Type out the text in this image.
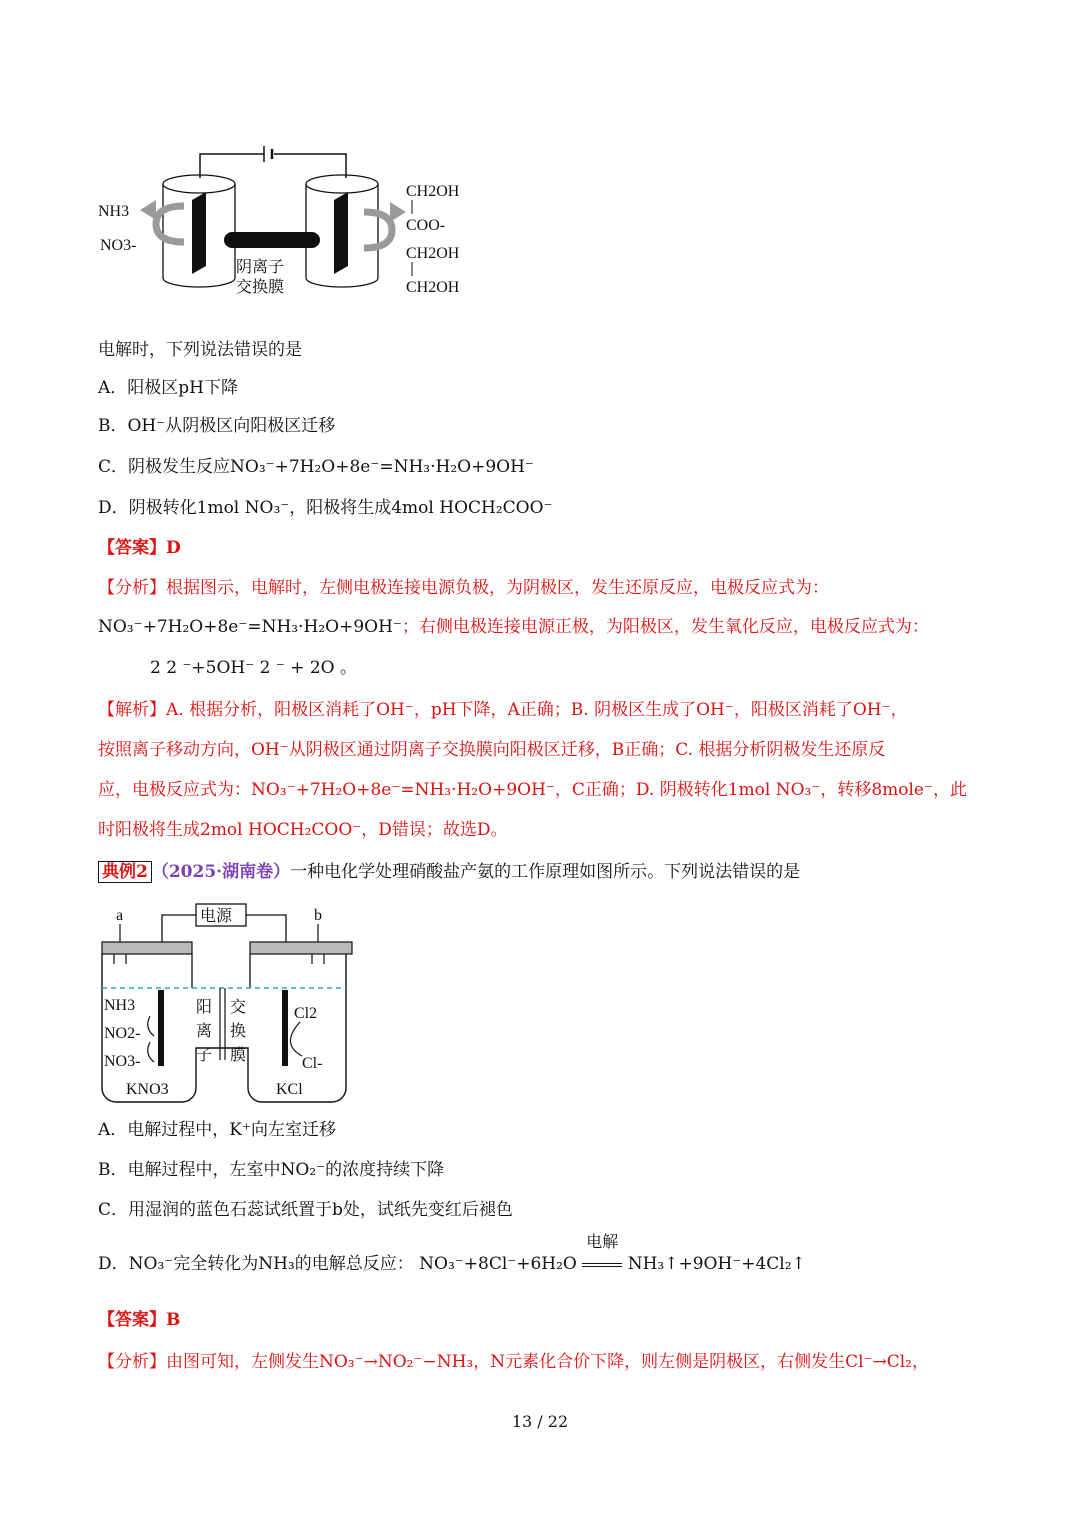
NH3
NO3-
阴离子
交换膜
CH2OH
COO-
CH2OH
CH2OH
电解时，下列说法错误的是
A．阳极区pH下降
B．OH⁻从阴极区向阳极区迁移
C．阴极发生反应NO₃⁻+7H₂O+8e⁻=NH₃·H₂O+9OH⁻
D．阴极转化1mol NO₃⁻，阳极将生成4mol HOCH₂COO⁻
【答案】D
【分析】根据图示，电解时，左侧电极连接电源负极，为阴极区，发生还原反应，电极反应式为：
NO₃⁻+7H₂O+8e⁻=NH₃·H₂O+9OH⁻；右侧电极连接电源正极，为阳极区，发生氧化反应，电极反应式为：
2 2 ⁻+5OH⁻ 2 ⁻ + 2O 。
【解析】A. 根据分析，阳极区消耗了OH⁻，pH下降，A正确；B. 阴极区生成了OH⁻，阳极区消耗了OH⁻，
按照离子移动方向，OH⁻从阴极区通过阴离子交换膜向阳极区迁移，B正确；C. 根据分析阴极发生还原反
应，电极反应式为：NO₃⁻+7H₂O+8e⁻=NH₃·H₂O+9OH⁻，C正确；D. 阴极转化1mol NO₃⁻，转移8mole⁻，此
时阳极将生成2mol HOCH₂COO⁻，D错误；故选D。
典例2 （2025·湖南卷）一种电化学处理硝酸盐产氨的工作原理如图所示。下列说法错误的是
电源
a	b
NH3
NO2-
NO3-
KNO3
阳
离
子
交
换
膜
Cl2
Cl-
KCl
A．电解过程中，K⁺向左室迁移
B．电解过程中，左室中NO₂⁻的浓度持续下降
C．用湿润的蓝色石蕊试纸置于b处，试纸先变红后褪色
D．NO₃⁻完全转化为NH₃的电解总反应： NO₃⁻+8Cl⁻+6H₂O
电解
NH₃↑+9OH⁻+4Cl₂↑
【答案】B
【分析】由图可知，左侧发生NO₃⁻→NO₂⁻−NH₃，N元素化合价下降，则左侧是阴极区，右侧发生Cl⁻→Cl₂，
13 / 22
